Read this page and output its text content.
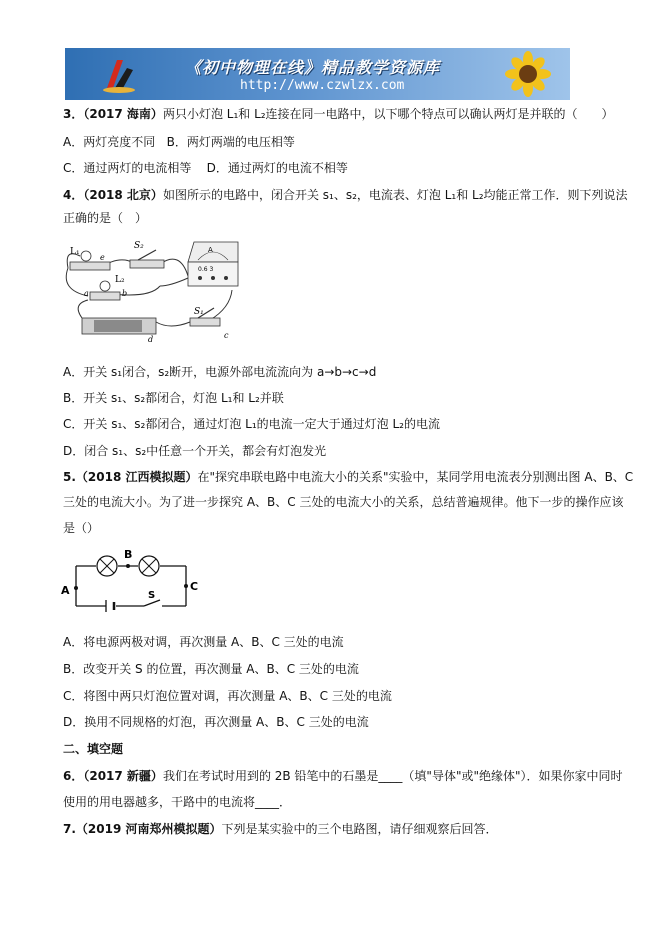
《初中物理在线》精品教学资源库
http://www.czwlzx.com
3．（2017 海南）两只小灯泡 L₁和 L₂连接在同一电路中，以下哪个特点可以确认两灯是并联的（　　）
A．两灯亮度不同 B．两灯两端的电压相等
C．通过两灯的电流相等 D．通过两灯的电流不相等
4．（2018 北京）如图所示的电路中，闭合开关 s₁、s₂，电流表、灯泡 L₁和 L₂均能正常工作．则下列说法
正确的是（　）
L₁
e
S₂	A
0.6 3
L₂
a	b
d
S₁
c
A．开关 s₁闭合，s₂断开，电源外部电流流向为 a→b→c→d
B．开关 s₁、s₂都闭合，灯泡 L₁和 L₂并联
C．开关 s₁、s₂都闭合，通过灯泡 L₁的电流一定大于通过灯泡 L₂的电流
D．闭合 s₁、s₂中任意一个开关，都会有灯泡发光
5.（2018 江西模拟题）在"探究串联电路中电流大小的关系"实验中，某同学用电流表分别测出图 A、B、C
三处的电流大小。为了进一步探究 A、B、C 三处的电流大小的关系，总结普遍规律。他下一步的操作应该
是（）
A
B
C
S
A．将电源两极对调，再次测量 A、B、C 三处的电流
B．改变开关 S 的位置，再次测量 A、B、C 三处的电流
C．将图中两只灯泡位置对调，再次测量 A、B、C 三处的电流
D．换用不同规格的灯泡，再次测量 A、B、C 三处的电流
二、填空题
6．（2017 新疆）我们在考试时用到的 2B 铅笔中的石墨是____（填"导体"或"绝缘体"）．如果你家中同时
使用的用电器越多，干路中的电流将____．
7.（2019 河南郑州模拟题）下列是某实验中的三个电路图，请仔细观察后回答．
